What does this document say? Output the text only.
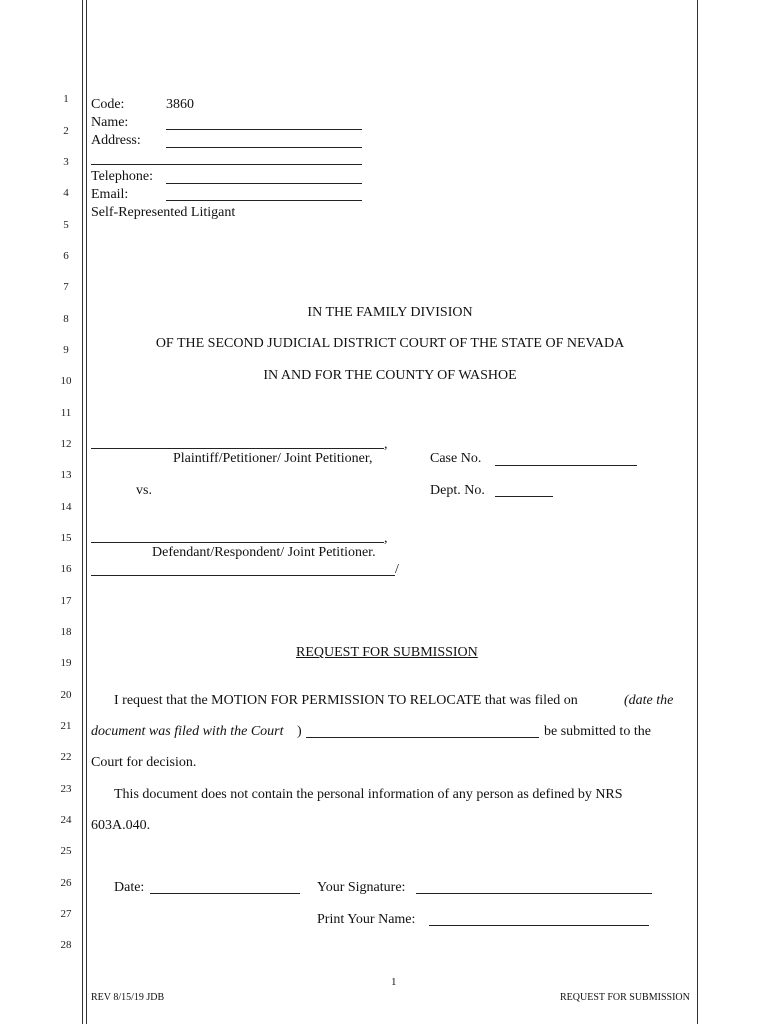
1
2
3
4
5
6
7
8
9
10
11
12
13
14
15
16
17
18
19
20
21
22
23
24
25
26
27
28
Code:	3860
Name:
Address:
Telephone:
Email:
Self-Represented Litigant
IN THE FAMILY DIVISION
OF THE SECOND JUDICIAL DISTRICT COURT OF THE STATE OF NEVADA
IN AND FOR THE COUNTY OF WASHOE
,
Plaintiff/Petitioner/ Joint Petitioner,	Case No.
vs.	Dept. No.
,
Defendant/Respondent/ Joint Petitioner.
/
REQUEST FOR SUBMISSION
I request that the MOTION FOR PERMISSION TO RELOCATE that was filed on	(date the
document was filed with the Court )	be submitted to the
Court for decision.
This document does not contain the personal information of any person as defined by NRS
603A.040.
Date:	Your Signature:
Print Your Name:
1
REV 8/15/19 JDB	REQUEST FOR SUBMISSION
